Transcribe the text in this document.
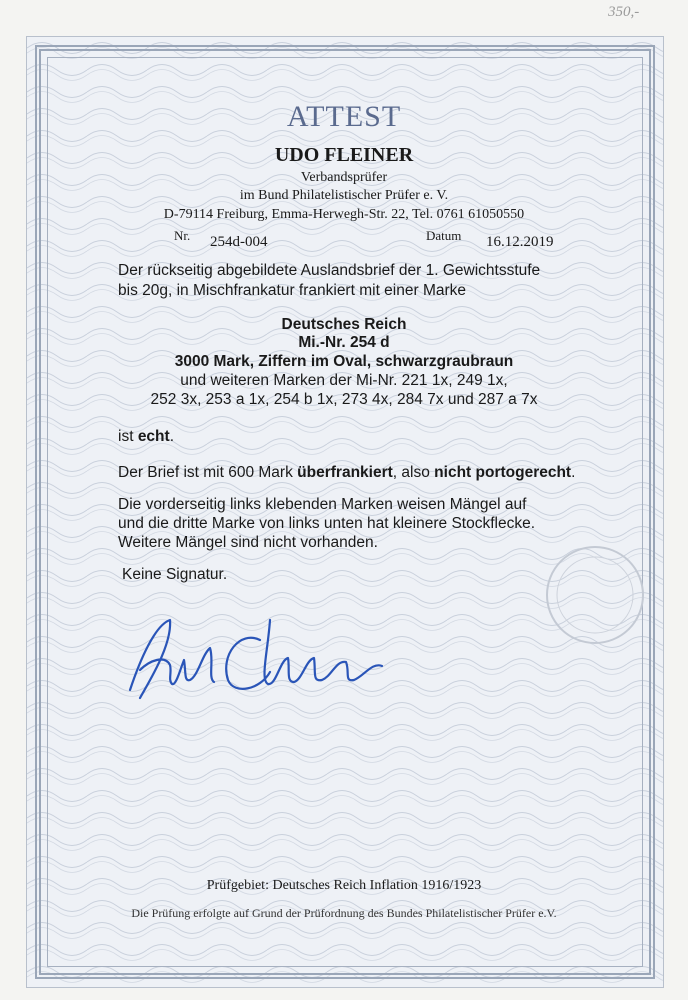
350,-
ATTEST
UDO FLEINER
Verbandsprüfer
im Bund Philatelistischer Prüfer e. V.
D-79114 Freiburg, Emma-Herwegh-Str. 22, Tel. 0761 61050550
Nr. 254d-004	Datum 16.12.2019
Der rückseitig abgebildete Auslandsbrief der 1. Gewichtsstufe
bis 20g, in Mischfrankatur frankiert mit einer Marke
Deutsches Reich
Mi.-Nr. 254 d
3000 Mark, Ziffern im Oval, schwarzgraubraun
und weiteren Marken der Mi-Nr. 221 1x, 249 1x,
252 3x, 253 a 1x, 254 b 1x, 273 4x, 284 7x und 287 a 7x
ist echt.
Der Brief ist mit 600 Mark überfrankiert, also nicht portogerecht.
Die vorderseitig links klebenden Marken weisen Mängel auf
und die dritte Marke von links unten hat kleinere Stockflecke.
Weitere Mängel sind nicht vorhanden.
Keine Signatur.
Prüfgebiet: Deutsches Reich Inflation 1916/1923
Die Prüfung erfolgte auf Grund der Prüfordnung des Bundes Philatelistischer Prüfer e.V.
